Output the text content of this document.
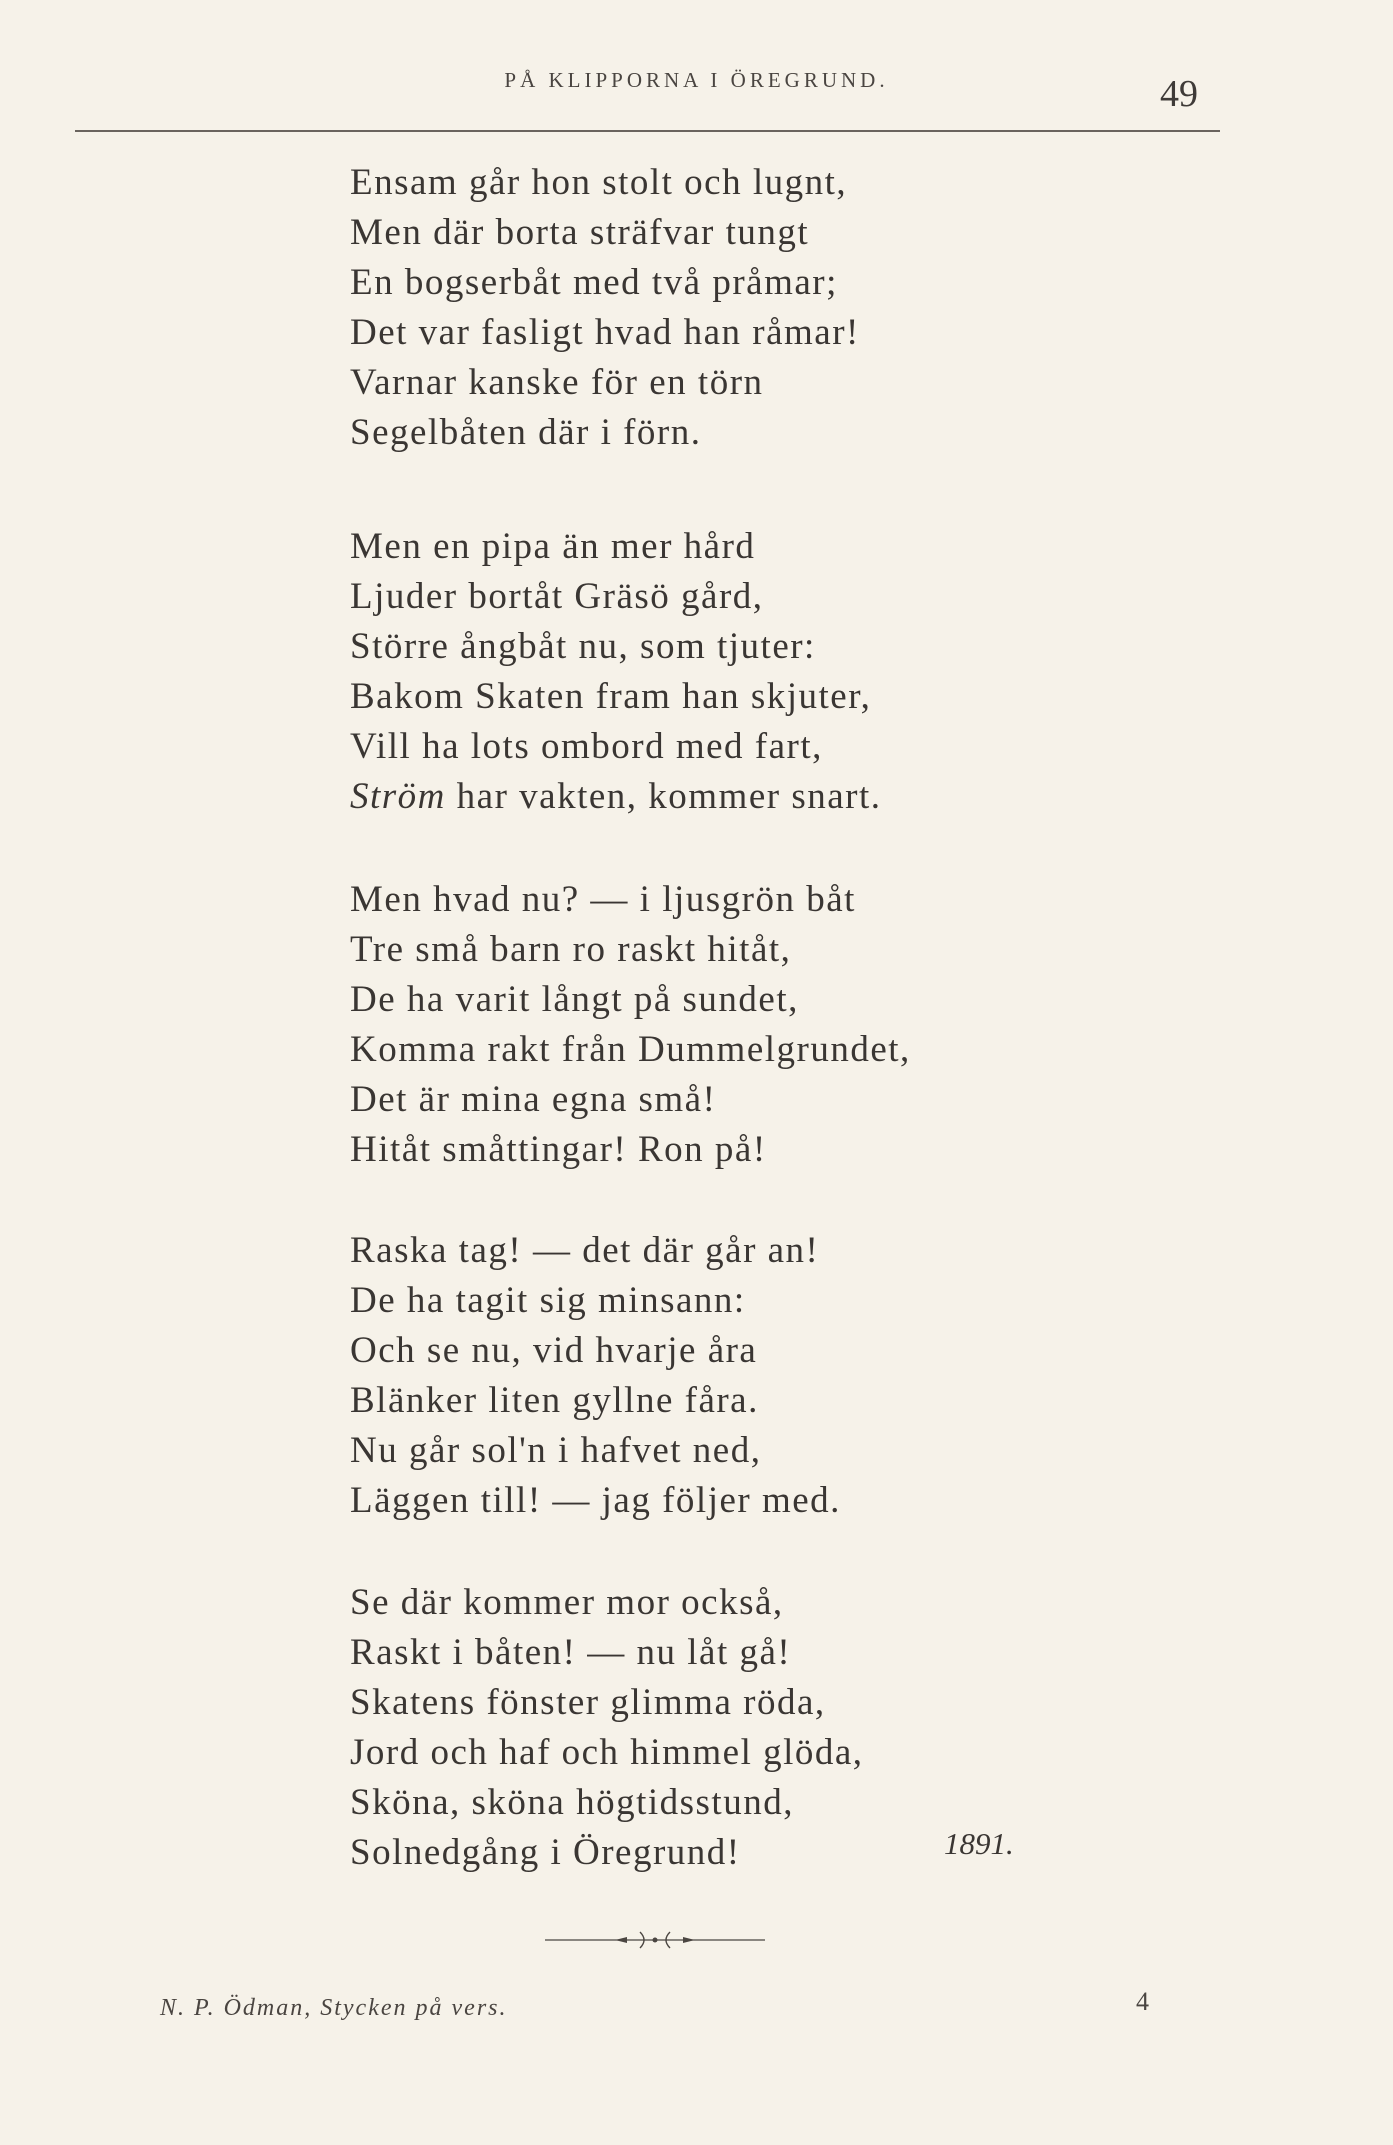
PÅ KLIPPORNA I ÖREGRUND.	49
Ensam går hon stolt och lugnt,
Men där borta sträfvar tungt
En bogserbåt med två pråmar;
Det var fasligt hvad han råmar!
Varnar kanske för en törn
Segelbåten där i förn.
Men en pipa än mer hård
Ljuder bortåt Gräsö gård,
Större ångbåt nu, som tjuter:
Bakom Skaten fram han skjuter,
Vill ha lots ombord med fart,
Ström har vakten, kommer snart.
Men hvad nu? — i ljusgrön båt
Tre små barn ro raskt hitåt,
De ha varit långt på sundet,
Komma rakt från Dummelgrundet,
Det är mina egna små!
Hitåt småttingar! Ron på!
Raska tag! — det där går an!
De ha tagit sig minsann:
Och se nu, vid hvarje åra
Blänker liten gyllne fåra.
Nu går sol'n i hafvet ned,
Läggen till! — jag följer med.
Se där kommer mor också,
Raskt i båten! — nu låt gå!
Skatens fönster glimma röda,
Jord och haf och himmel glöda,
Sköna, sköna högtidsstund,
Solnedgång i Öregrund!	1891.
N. P. Ödman, Stycken på vers.	4
